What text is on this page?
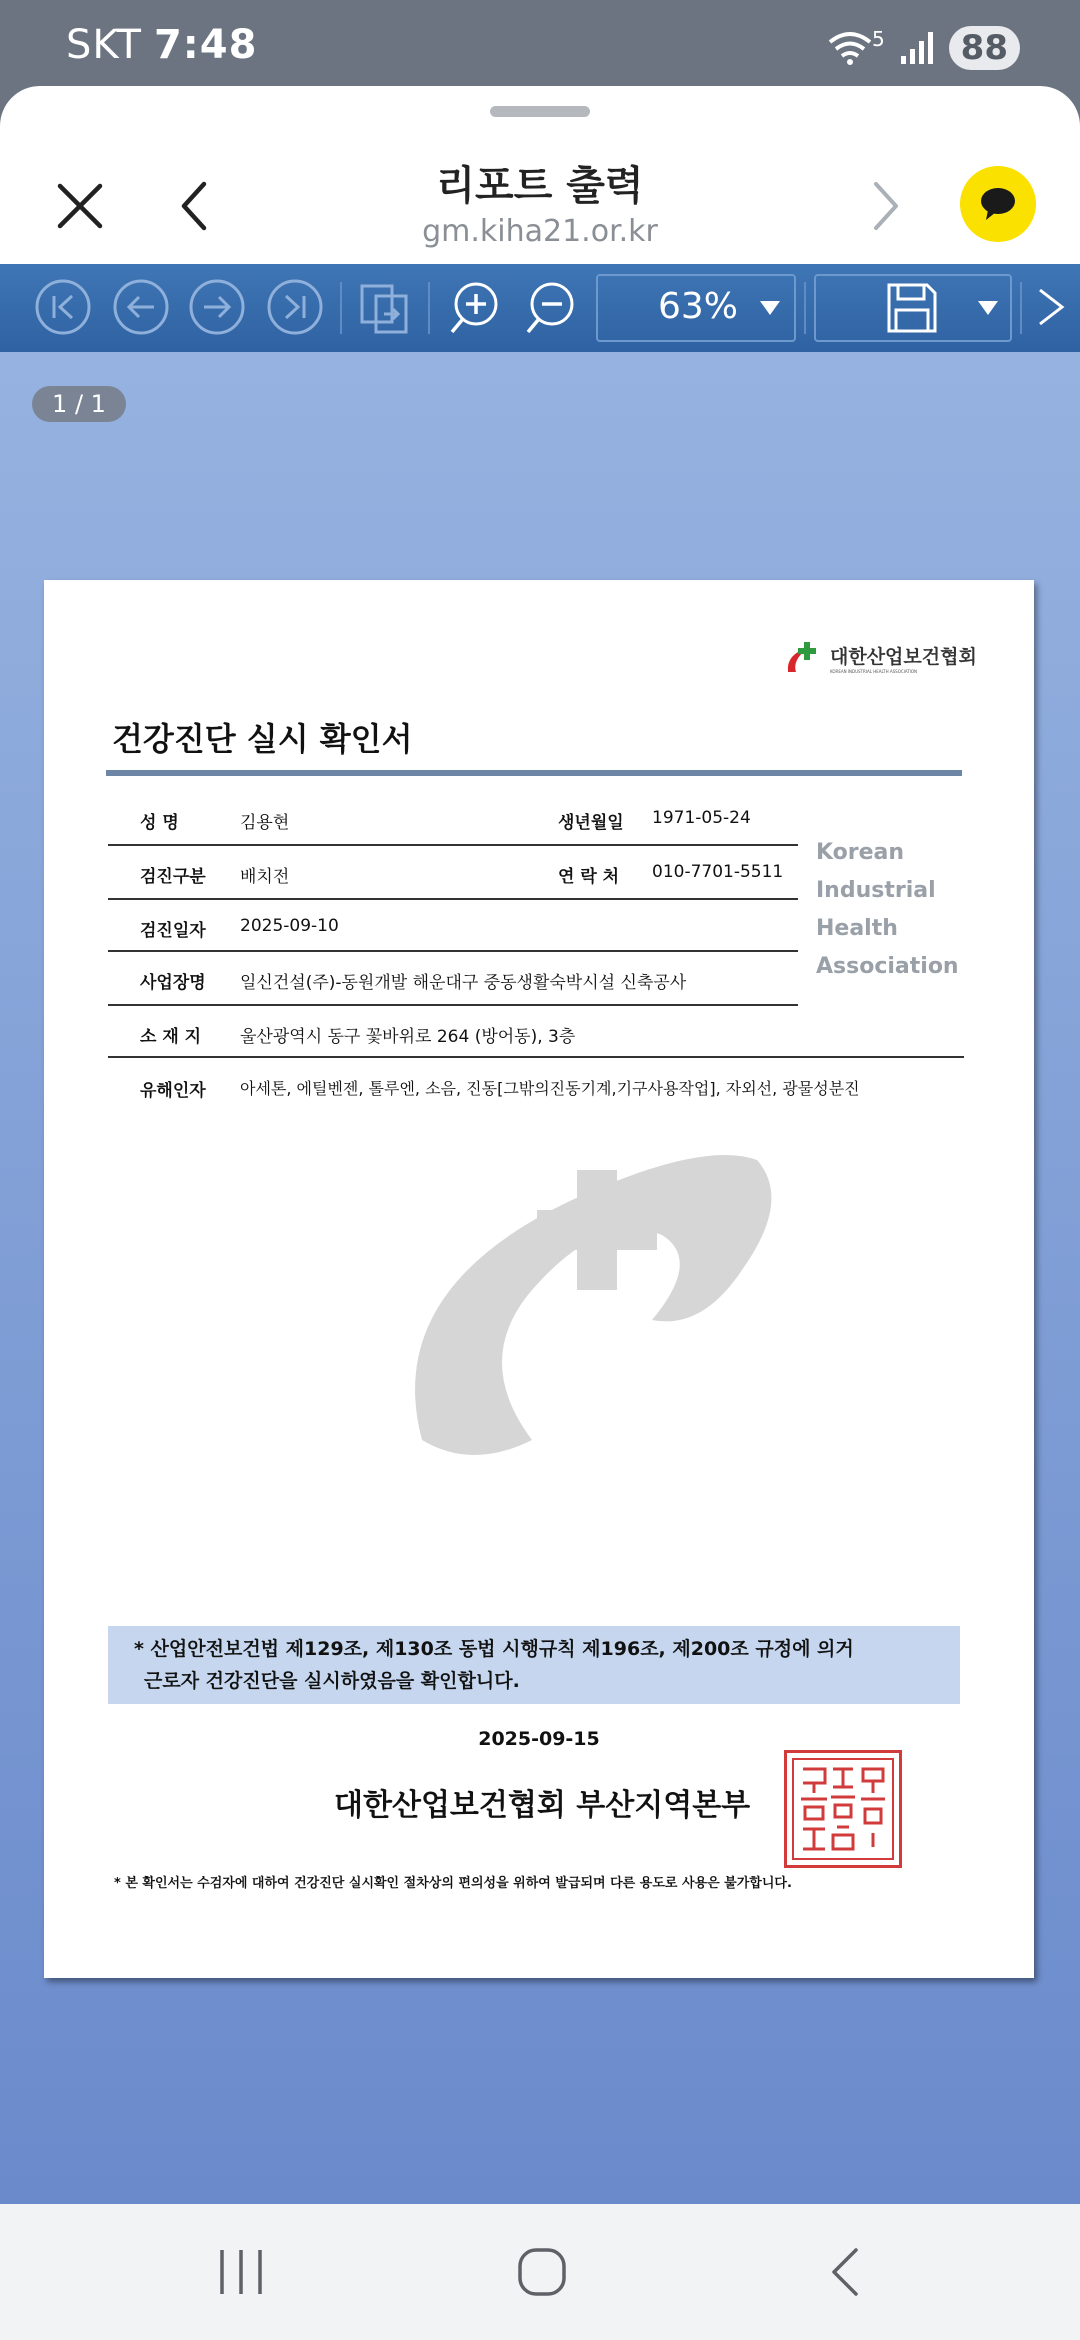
SKT 7:48	5	88
리포트 출력
gm.kiha21.or.kr
63%
1 / 1
대한산업보건협회
KOREAN INDUSTRIAL HEALTH ASSOCIATION
건강진단 실시 확인서
성 명	김용현	생년월일 1971-05-24
검진구분 배치전	연 락 처 010-7701-5511
검진일자 2025-09-10
사업장명 일신건설(주)-동원개발 해운대구 중동생활숙박시설 신축공사
소 재 지 울산광역시 동구 꽃바위로 264 (방어동), 3층
유해인자 아세톤, 에틸벤젠, 톨루엔, 소음, 진동[그밖의진동기계,기구사용작업], 자외선, 광물성분진
Korean
Industrial
Health
Association
* 산업안전보건법 제129조, 제130조 동법 시행규칙 제196조, 제200조 규정에 의거
근로자 건강진단을 실시하였음을 확인합니다.
2025-09-15
대한산업보건협회 부산지역본부
* 본 확인서는 수검자에 대하여 건강진단 실시확인 절차상의 편의성을 위하여 발급되며 다른 용도로 사용은 불가합니다.
